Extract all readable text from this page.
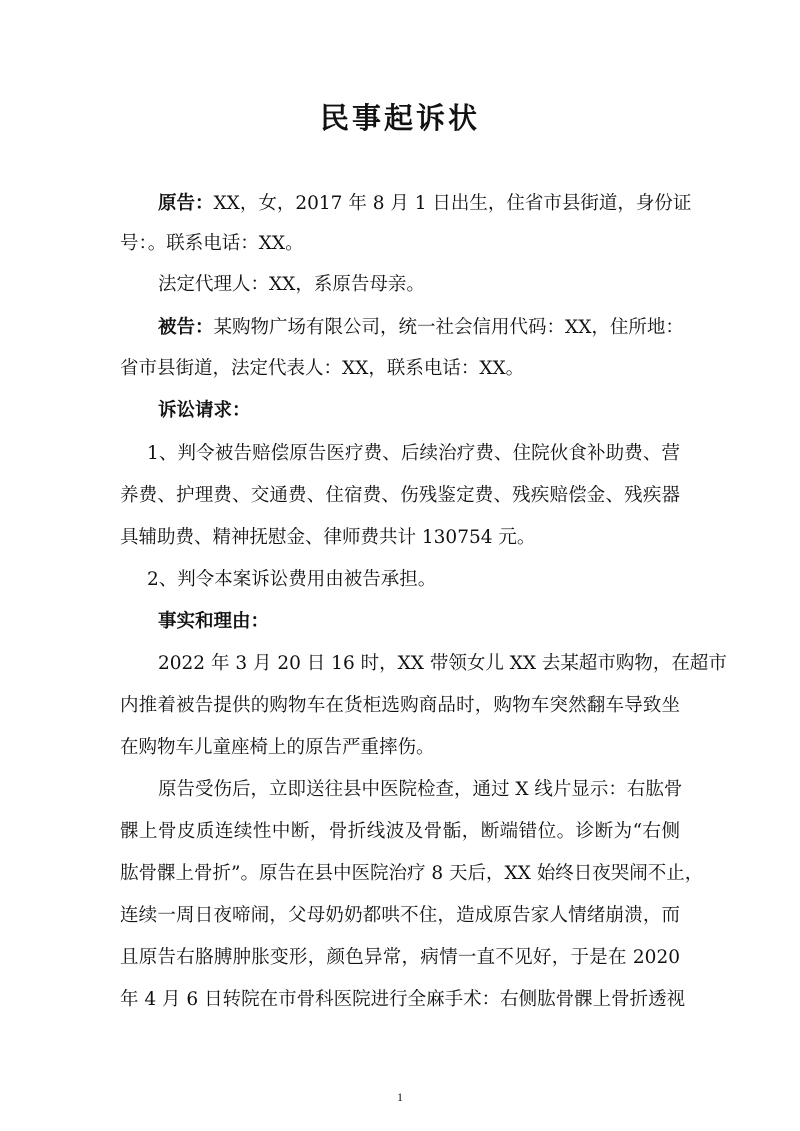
民事起诉状

原告：XX，女，2017 年 8 月 1 日出生，住省市县街道，身份证

号：。联系电话：XX。

法定代理人：XX，系原告母亲。

被告：某购物广场有限公司，统一社会信用代码：XX，住所地：

省市县街道，法定代表人：XX，联系电话：XX。

诉讼请求：

1、判令被告赔偿原告医疗费、后续治疗费、住院伙食补助费、营

养费、护理费、交通费、住宿费、伤残鉴定费、残疾赔偿金、残疾器

具辅助费、精神抚慰金、律师费共计 130754 元。

2、判令本案诉讼费用由被告承担。

事实和理由：

2022 年 3 月 20 日 16 时，XX 带领女儿 XX 去某超市购物，在超市

内推着被告提供的购物车在货柜选购商品时，购物车突然翻车导致坐

在购物车儿童座椅上的原告严重摔伤。

原告受伤后，立即送往县中医院检查，通过 X 线片显示：右肱骨

髁上骨皮质连续性中断，骨折线波及骨骺，断端错位。诊断为“右侧

肱骨髁上骨折”。原告在县中医院治疗 8 天后，XX 始终日夜哭闹不止，

连续一周日夜啼闹，父母奶奶都哄不住，造成原告家人情绪崩溃，而

且原告右胳膊肿胀变形，颜色异常，病情一直不见好，于是在 2020

年 4 月 6 日转院在市骨科医院进行全麻手术：右侧肱骨髁上骨折透视

1
